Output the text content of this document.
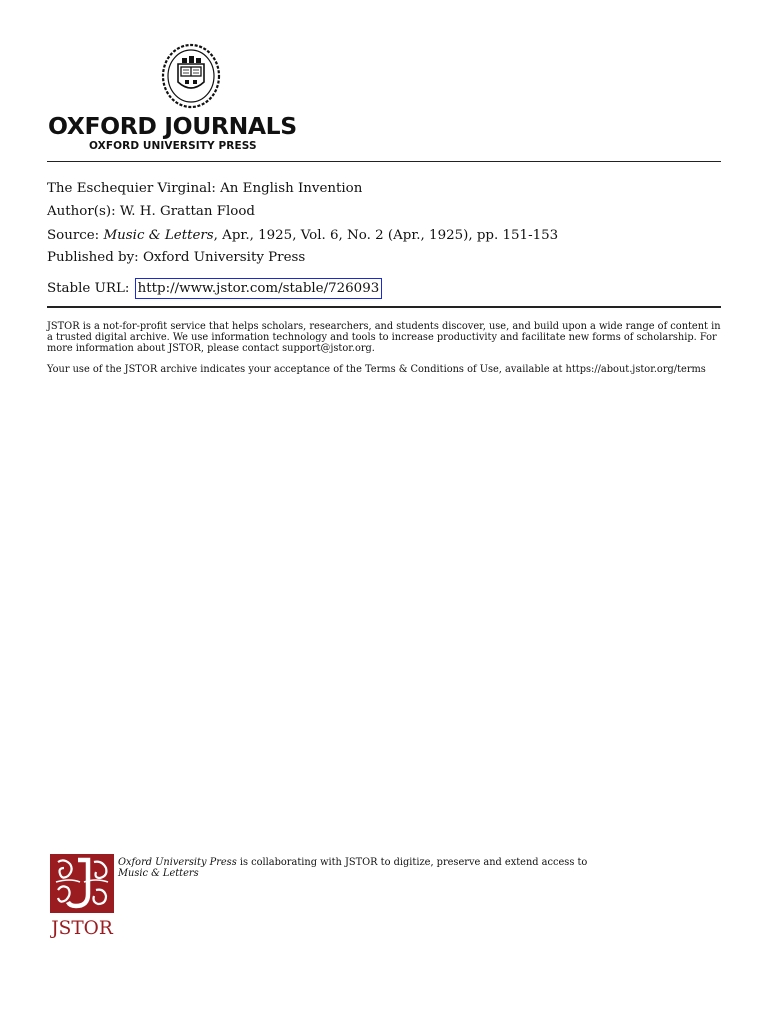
OXFORD JOURNALS
OXFORD UNIVERSITY PRESS
The Eschequier Virginal: An English Invention
Author(s): W. H. Grattan Flood
Source: Music & Letters, Apr., 1925, Vol. 6, No. 2 (Apr., 1925), pp. 151-153
Published by: Oxford University Press
Stable URL: http://www.jstor.com/stable/726093

JSTOR is a not-for-profit service that helps scholars, researchers, and students discover, use, and build upon a wide range of content in a trusted digital archive. We use information technology and tools to increase productivity and facilitate new forms of scholarship. For more information about JSTOR, please contact support@jstor.org.

Your use of the JSTOR archive indicates your acceptance of the Terms & Conditions of Use, available at https://about.jstor.org/terms

JSTOR
Oxford University Press is collaborating with JSTOR to digitize, preserve and extend access to
Music & Letters
